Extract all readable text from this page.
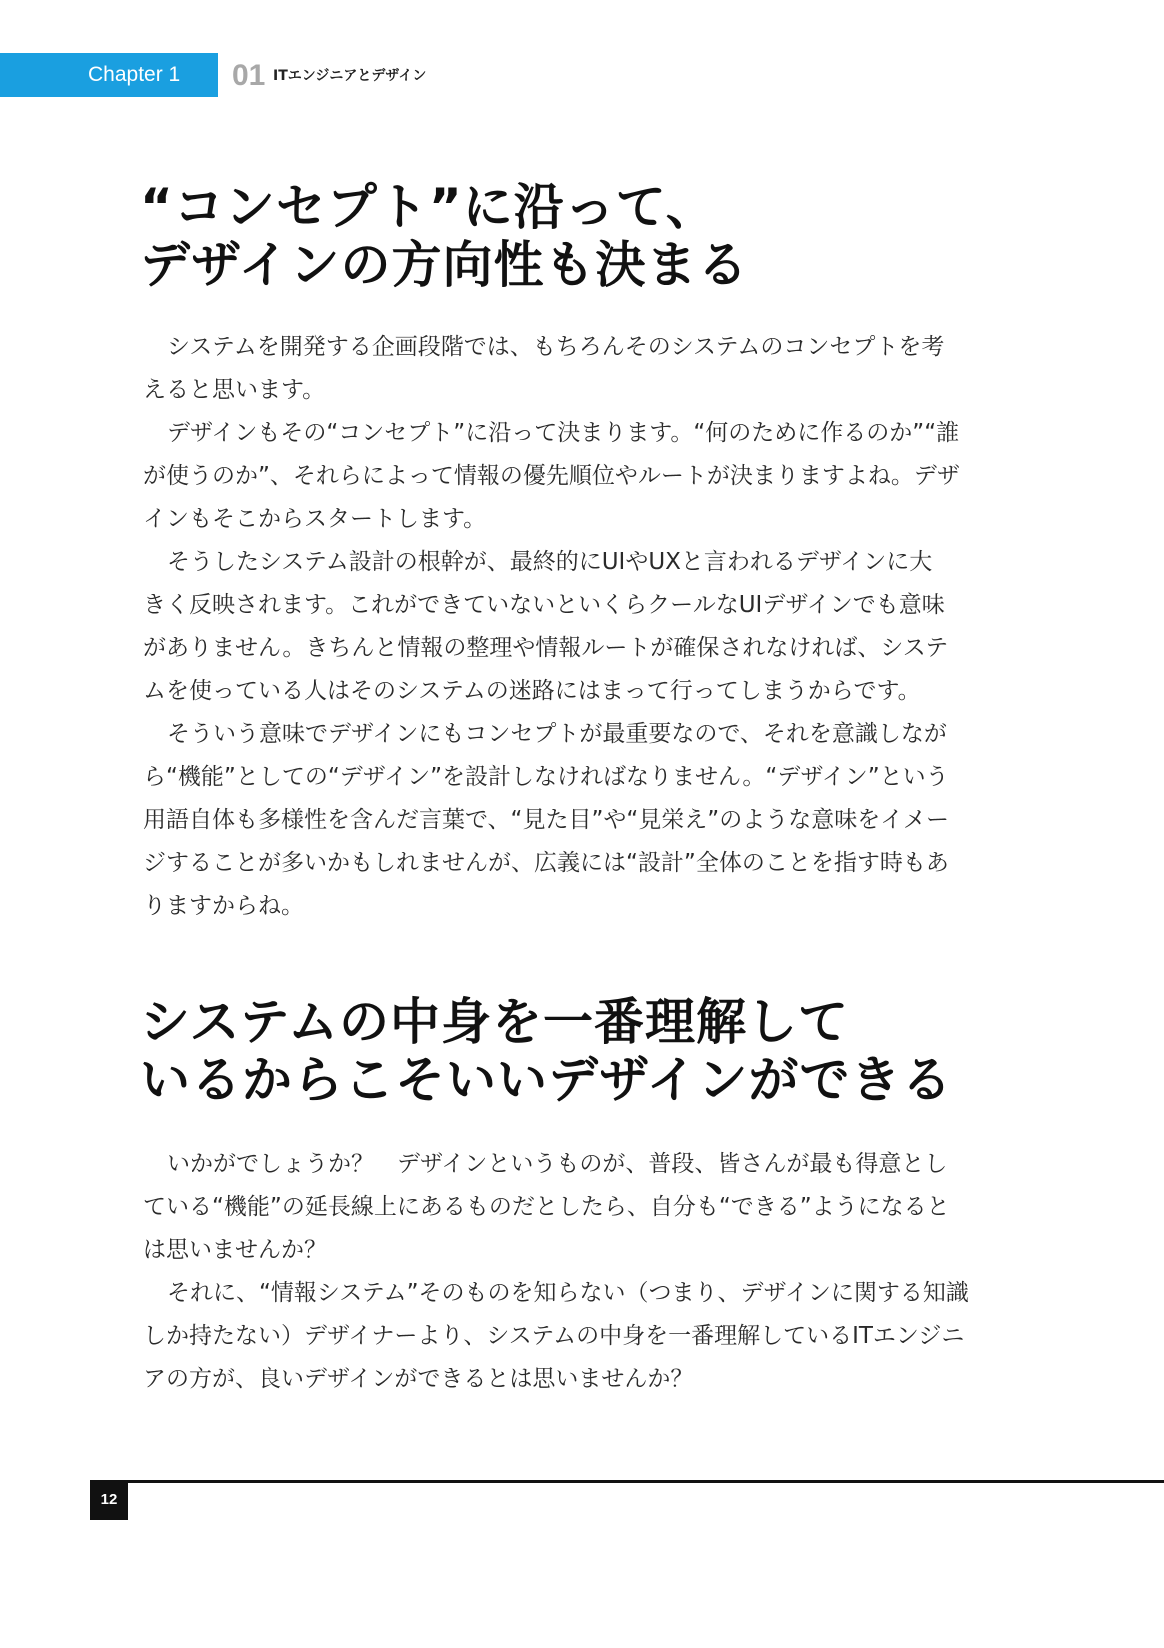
Chapter 1	01 ITエンジニアとデザイン
“コンセプト”に沿って、
デザインの方向性も決まる
システムを開発する企画段階では、もちろんそのシステムのコンセプトを考
えると思います。
デザインもその“コンセプト”に沿って決まります。“何のために作るのか”“誰
が使うのか”、それらによって情報の優先順位やルートが決まりますよね。デザ
インもそこからスタートします。
そうしたシステム設計の根幹が、最終的にUIやUXと言われるデザインに大
きく反映されます。これができていないといくらクールなUIデザインでも意味
がありません。きちんと情報の整理や情報ルートが確保されなければ、システ
ムを使っている人はそのシステムの迷路にはまって行ってしまうからです。
そういう意味でデザインにもコンセプトが最重要なので、それを意識しなが
ら“機能”としての“デザイン”を設計しなければなりません。“デザイン”という
用語自体も多様性を含んだ言葉で、“見た目”や“見栄え”のような意味をイメー
ジすることが多いかもしれませんが、広義には“設計”全体のことを指す時もあ
りますからね。
システムの中身を一番理解して
いるからこそいいデザインができる
いかがでしょうか？　デザインというものが、普段、皆さんが最も得意とし
ている“機能”の延長線上にあるものだとしたら、自分も“できる”ようになると
は思いませんか？
それに、“情報システム”そのものを知らない（つまり、デザインに関する知識
しか持たない）デザイナーより、システムの中身を一番理解しているITエンジニ
アの方が、良いデザインができるとは思いませんか？
12
